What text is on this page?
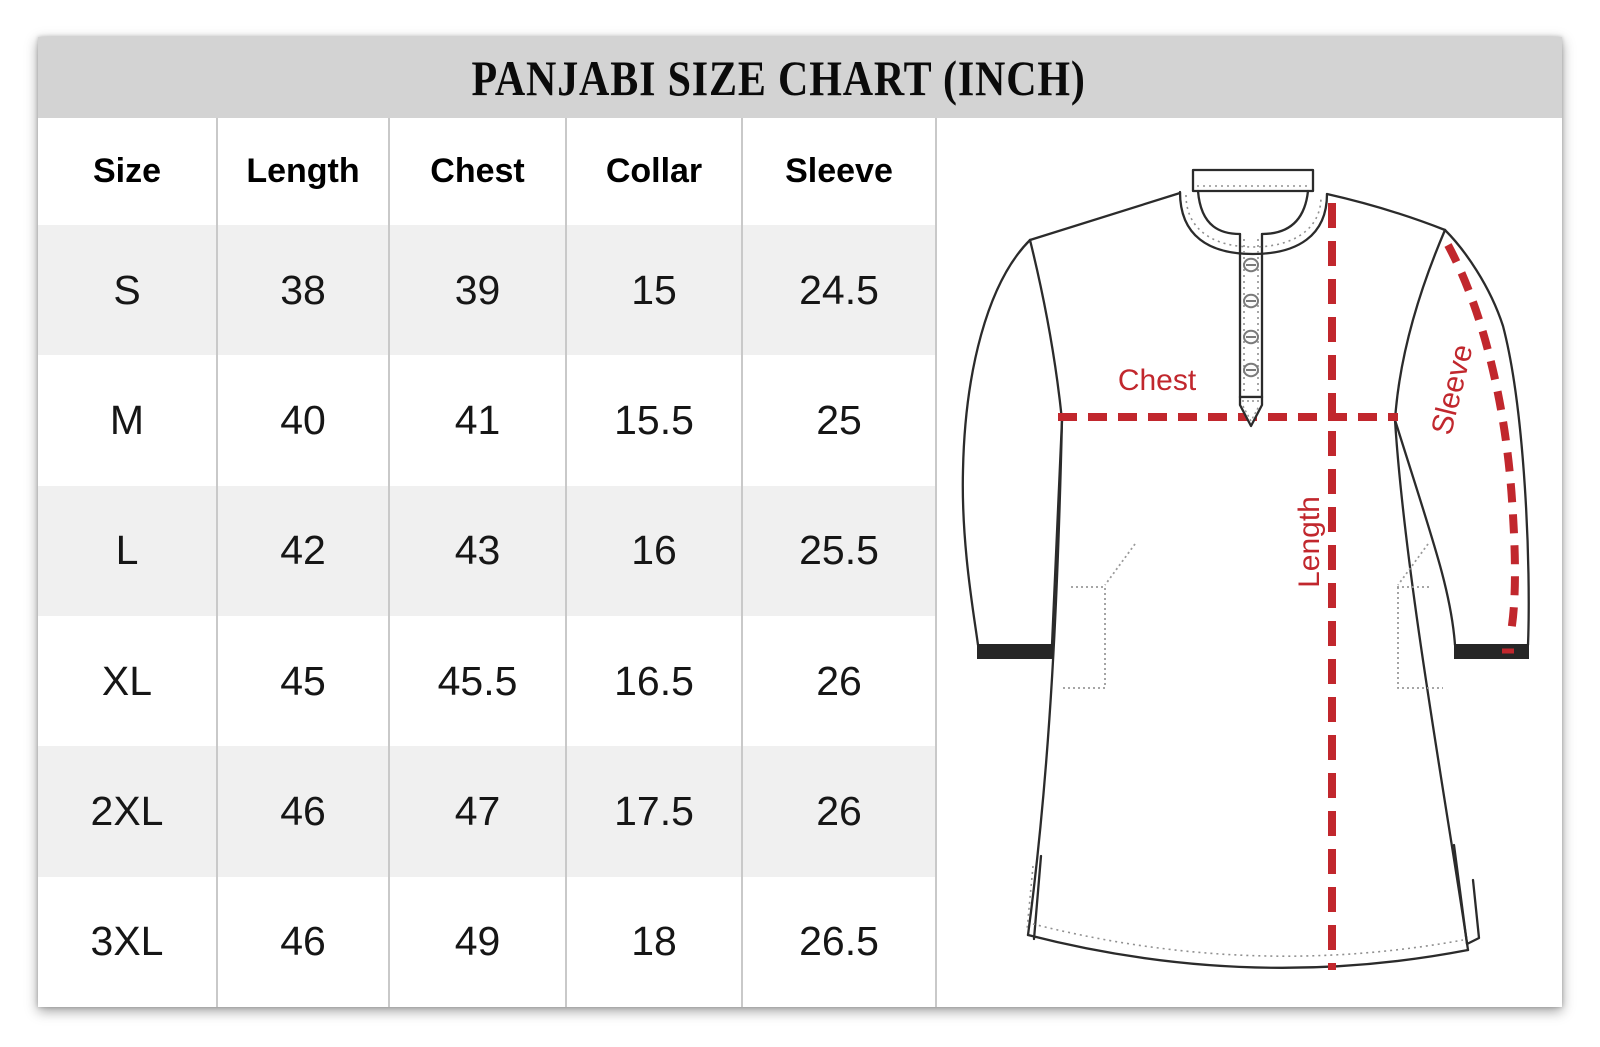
PANJABI SIZE CHART (INCH)
Size	Length	Chest	Collar	Sleeve
S	38	39	15	24.5
M	40	41	15.5	25
L	42	43	16	25.5
XL	45	45.5	16.5	26
2XL	46	47	17.5	26
3XL	46	49	18	26.5
Chest
Length
Sleeve
